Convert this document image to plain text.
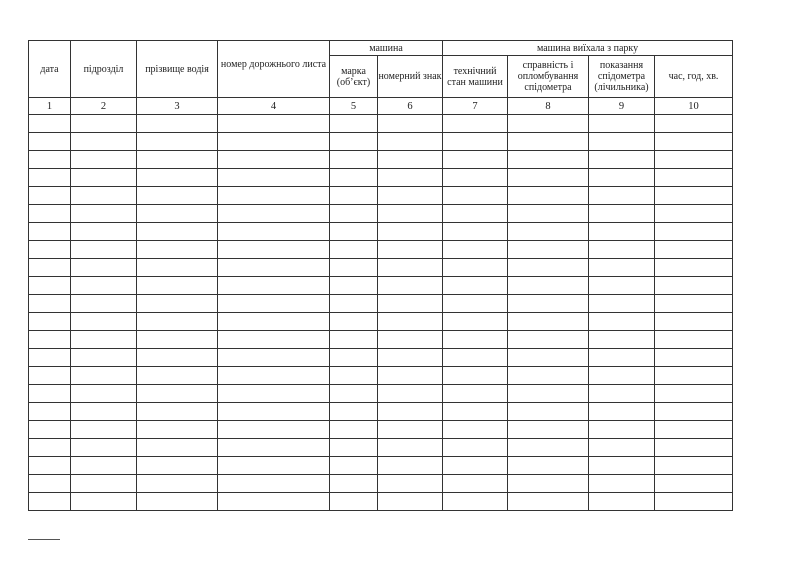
дата	підрозділ	прізвище водія	номер дорожнього листа	машина		машина виїхала з парку			
				марка (об’єкт)	номерний знак	технічний стан машини	справність і опломбування спідометра	показання спідометра (лічильника)	час, год, хв.
1	2	3	4	5	6	7	8	9	10
